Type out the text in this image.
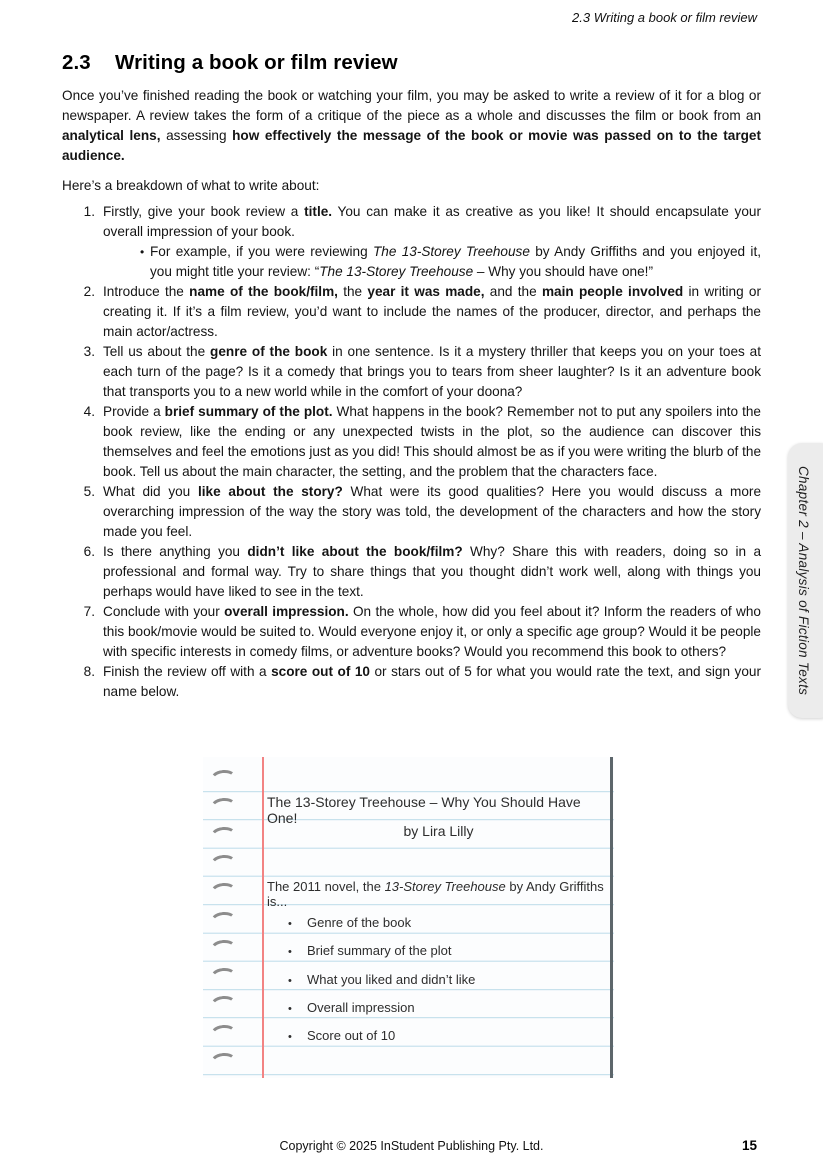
2.3 Writing a book or film review
2.3 Writing a book or film review

Once you’ve finished reading the book or watching your film, you may be asked to write a review of it for a blog or newspaper. A review takes the form of a critique of the piece as a whole and discusses the film or book from an analytical lens, assessing how effectively the message of the book or movie was passed on to the target audience.

Here’s a breakdown of what to write about:

1. Firstly, give your book review a title. You can make it as creative as you like! It should encapsulate your overall impression of your book.
• For example, if you were reviewing The 13-Storey Treehouse by Andy Griffiths and you enjoyed it, you might title your review: “The 13-Storey Treehouse – Why you should have one!”
2. Introduce the name of the book/film, the year it was made, and the main people involved in writing or creating it. If it’s a film review, you’d want to include the names of the producer, director, and perhaps the main actor/actress.
3. Tell us about the genre of the book in one sentence. Is it a mystery thriller that keeps you on your toes at each turn of the page? Is it a comedy that brings you to tears from sheer laughter? Is it an adventure book that transports you to a new world while in the comfort of your doona?
4. Provide a brief summary of the plot. What happens in the book? Remember not to put any spoilers into the book review, like the ending or any unexpected twists in the plot, so the audience can discover this themselves and feel the emotions just as you did! This should almost be as if you were writing the blurb of the book. Tell us about the main character, the setting, and the problem that the characters face.
5. What did you like about the story? What were its good qualities? Here you would discuss a more overarching impression of the way the story was told, the development of the characters and how the story made you feel.
6. Is there anything you didn’t like about the book/film? Why? Share this with readers, doing so in a professional and formal way. Try to share things that you thought didn’t work well, along with things you perhaps would have liked to see in the text.
7. Conclude with your overall impression. On the whole, how did you feel about it? Inform the readers of who this book/movie would be suited to. Would everyone enjoy it, or only a specific age group? Would it be people with specific interests in comedy films, or adventure books? Would you recommend this book to others?
8. Finish the review off with a score out of 10 or stars out of 5 for what you would rate the text, and sign your name below.
The 13-Storey Treehouse – Why You Should Have One!
by Lira Lilly
The 2011 novel, the 13-Storey Treehouse by Andy Griffiths is...
• Genre of the book
• Brief summary of the plot
• What you liked and didn’t like
• Overall impression
• Score out of 10
Chapter 2 – Analysis of Fiction Texts
Copyright © 2025 InStudent Publishing Pty. Ltd.	15
